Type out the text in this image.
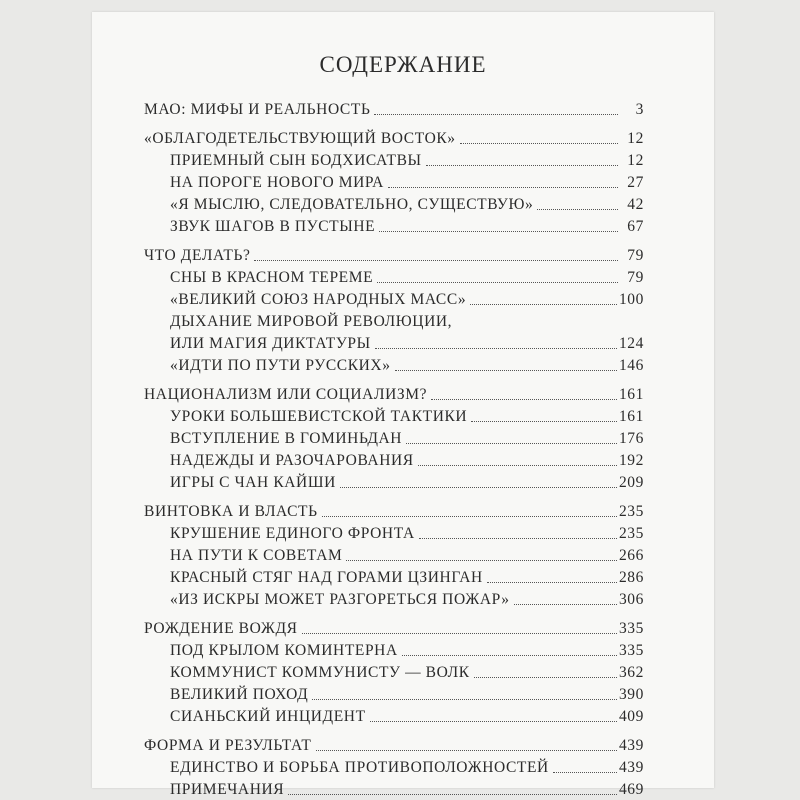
СОДЕРЖАНИЕ
МАО: МИФЫ И РЕАЛЬНОСТЬ	3
«ОБЛАГОДЕТЕЛЬСТВУЮЩИЙ ВОСТОК»	12
ПРИЕМНЫЙ СЫН БОДХИСАТВЫ	12
НА ПОРОГЕ НОВОГО МИРА	27
«Я МЫСЛЮ, СЛЕДОВАТЕЛЬНО, СУЩЕСТВУЮ»	42
ЗВУК ШАГОВ В ПУСТЫНЕ	67
ЧТО ДЕЛАТЬ?	79
СНЫ В КРАСНОМ ТЕРЕМЕ	79
«ВЕЛИКИЙ СОЮЗ НАРОДНЫХ МАСС»	100
ДЫХАНИЕ МИРОВОЙ РЕВОЛЮЦИИ,
ИЛИ МАГИЯ ДИКТАТУРЫ	124
«ИДТИ ПО ПУТИ РУССКИХ»	146
НАЦИОНАЛИЗМ ИЛИ СОЦИАЛИЗМ?	161
УРОКИ БОЛЬШЕВИСТСКОЙ ТАКТИКИ	161
ВСТУПЛЕНИЕ В ГОМИНЬДАН	176
НАДЕЖДЫ И РАЗОЧАРОВАНИЯ	192
ИГРЫ С ЧАН КАЙШИ	209
ВИНТОВКА И ВЛАСТЬ	235
КРУШЕНИЕ ЕДИНОГО ФРОНТА	235
НА ПУТИ К СОВЕТАМ	266
КРАСНЫЙ СТЯГ НАД ГОРАМИ ЦЗИНГАН	286
«ИЗ ИСКРЫ МОЖЕТ РАЗГОРЕТЬСЯ ПОЖАР»	306
РОЖДЕНИЕ ВОЖДЯ	335
ПОД КРЫЛОМ КОМИНТЕРНА	335
КОММУНИСТ КОММУНИСТУ — ВОЛК	362
ВЕЛИКИЙ ПОХОД	390
СИАНЬСКИЙ ИНЦИДЕНТ	409
ФОРМА И РЕЗУЛЬТАТ	439
ЕДИНСТВО И БОРЬБА ПРОТИВОПОЛОЖНОСТЕЙ	439
ПРИМЕЧАНИЯ	469
